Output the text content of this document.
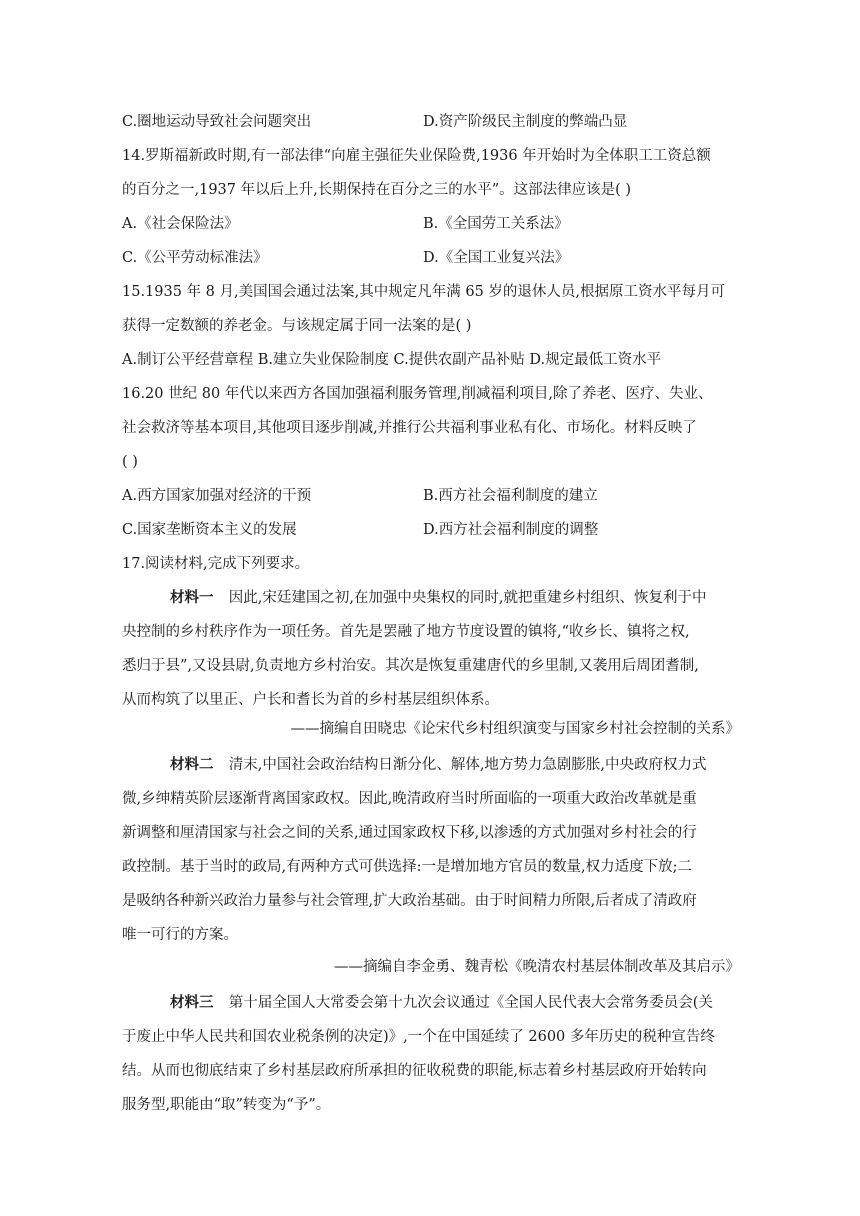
C.圈地运动导致社会问题突出	D.资产阶级民主制度的弊端凸显
14.罗斯福新政时期,有一部法律“向雇主强征失业保险费,1936 年开始时为全体职工工资总额
的百分之一,1937 年以后上升,长期保持在百分之三的水平”。这部法律应该是( )
A.《社会保险法》	B.《全国劳工关系法》
C.《公平劳动标准法》	D.《全国工业复兴法》
15.1935 年 8 月,美国国会通过法案,其中规定凡年满 65 岁的退休人员,根据原工资水平每月可
获得一定数额的养老金。与该规定属于同一法案的是( )
A.制订公平经营章程 B.建立失业保险制度 C.提供农副产品补贴 D.规定最低工资水平
16.20 世纪 80 年代以来西方各国加强福利服务管理,削减福利项目,除了养老、医疗、失业、
社会救济等基本项目,其他项目逐步削减,并推行公共福利事业私有化、市场化。材料反映了
( )
A.西方国家加强对经济的干预	B.西方社会福利制度的建立
C.国家垄断资本主义的发展	D.西方社会福利制度的调整
17.阅读材料,完成下列要求。
材料一 因此,宋廷建国之初,在加强中央集权的同时,就把重建乡村组织、恢复利于中
央控制的乡村秩序作为一项任务。首先是罢融了地方节度设置的镇将,“收乡长、镇将之权,
悉归于县”,又设县尉,负责地方乡村治安。其次是恢复重建唐代的乡里制,又袭用后周团耆制,
从而构筑了以里正、户长和耆长为首的乡村基层组织体系。
——摘编自田晓忠《论宋代乡村组织演变与国家乡村社会控制的关系》
材料二 清末,中国社会政治结构日渐分化、解体,地方势力急剧膨胀,中央政府权力式
微,乡绅精英阶层逐渐背离国家政权。因此,晚清政府当时所面临的一项重大政治改革就是重
新调整和厘清国家与社会之间的关系,通过国家政权下移,以渗透的方式加强对乡村社会的行
政控制。基于当时的政局,有两种方式可供选择:一是增加地方官员的数量,权力适度下放;二
是吸纳各种新兴政治力量参与社会管理,扩大政治基础。由于时间精力所限,后者成了清政府
唯一可行的方案。
——摘编自李金勇、魏青松《晚清农村基层体制改革及其启示》
材料三 第十届全国人大常委会第十九次会议通过《全国人民代表大会常务委员会(关
于废止中华人民共和国农业税条例的决定)》,一个在中国延续了 2600 多年历史的税种宣告终
结。从而也彻底结束了乡村基层政府所承担的征收税费的职能,标志着乡村基层政府开始转向
服务型,职能由“取”转变为“予”。
